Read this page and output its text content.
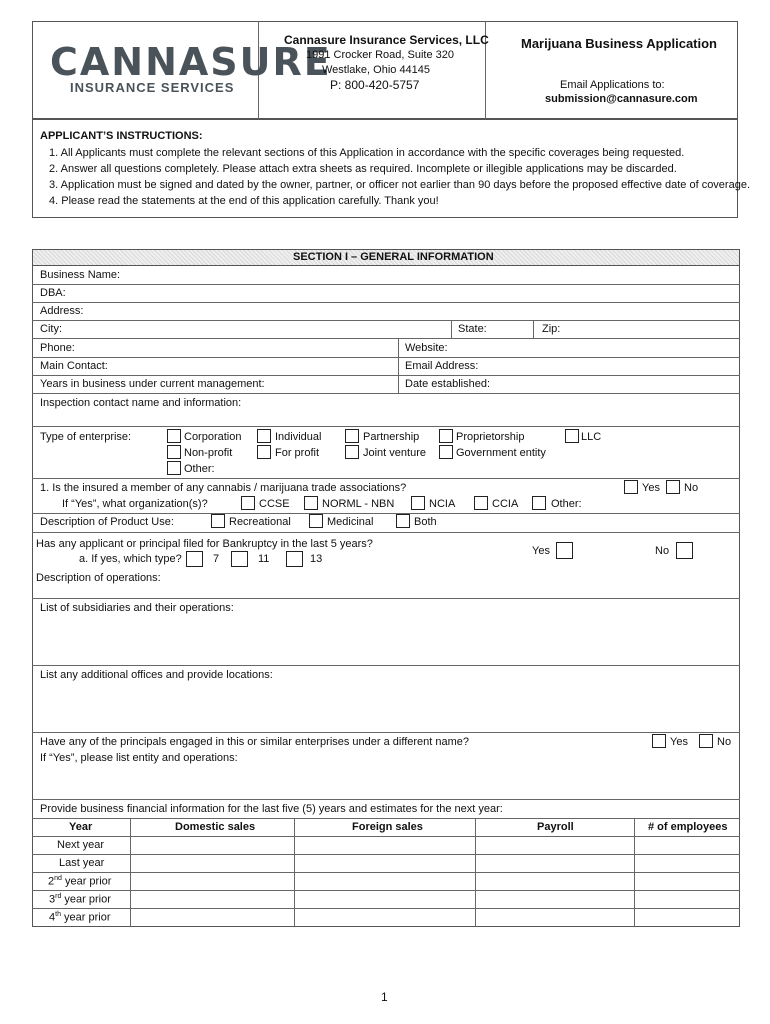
CANNASURE
INSURANCE SERVICES
Cannasure Insurance Services, LLC
1991 Crocker Road, Suite 320
Westlake, Ohio 44145
P: 800-420-5757
Marijuana Business Application
Email Applications to:
submission@cannasure.com
APPLICANT’S INSTRUCTIONS:
1. All Applicants must complete the relevant sections of this Application in accordance with the specific coverages being requested.
2. Answer all questions completely. Please attach extra sheets as required. Incomplete or illegible applications may be discarded.
3. Application must be signed and dated by the owner, partner, or officer not earlier than 90 days before the proposed effective date of coverage.
4. Please read the statements at the end of this application carefully. Thank you!
SECTION I – GENERAL INFORMATION
Business Name:
DBA:
Address:
City:	State:	Zip:
Phone:	Website:
Main Contact:	Email Address:
Years in business under current management:	Date established:
Inspection contact name and information:
Type of enterprise:	Corporation	Individual	Partnership	Proprietorship	LLC
Non-profit	For profit	Joint venture	Government entity
Other:
1. Is the insured a member of any cannabis / marijuana trade associations?	Yes No
If “Yes”, what organization(s)?	CCSE	NORML - NBN	NCIA	CCIA	Other:
Description of Product Use:	Recreational	Medicinal	Both
Has any applicant or principal filed for Bankruptcy in the last 5 years?
Yes	No
a. If yes, which type?	7	11	13
Description of operations:
List of subsidiaries and their operations:
List any additional offices and provide locations:
Have any of the principals engaged in this or similar enterprises under a different name?	Yes	No
If “Yes”, please list entity and operations:
Provide business financial information for the last five (5) years and estimates for the next year:
Year	Domestic sales	Foreign sales	Payroll	# of employees
Next year
Last year
2nd year prior
3rd year prior
4th year prior
1
